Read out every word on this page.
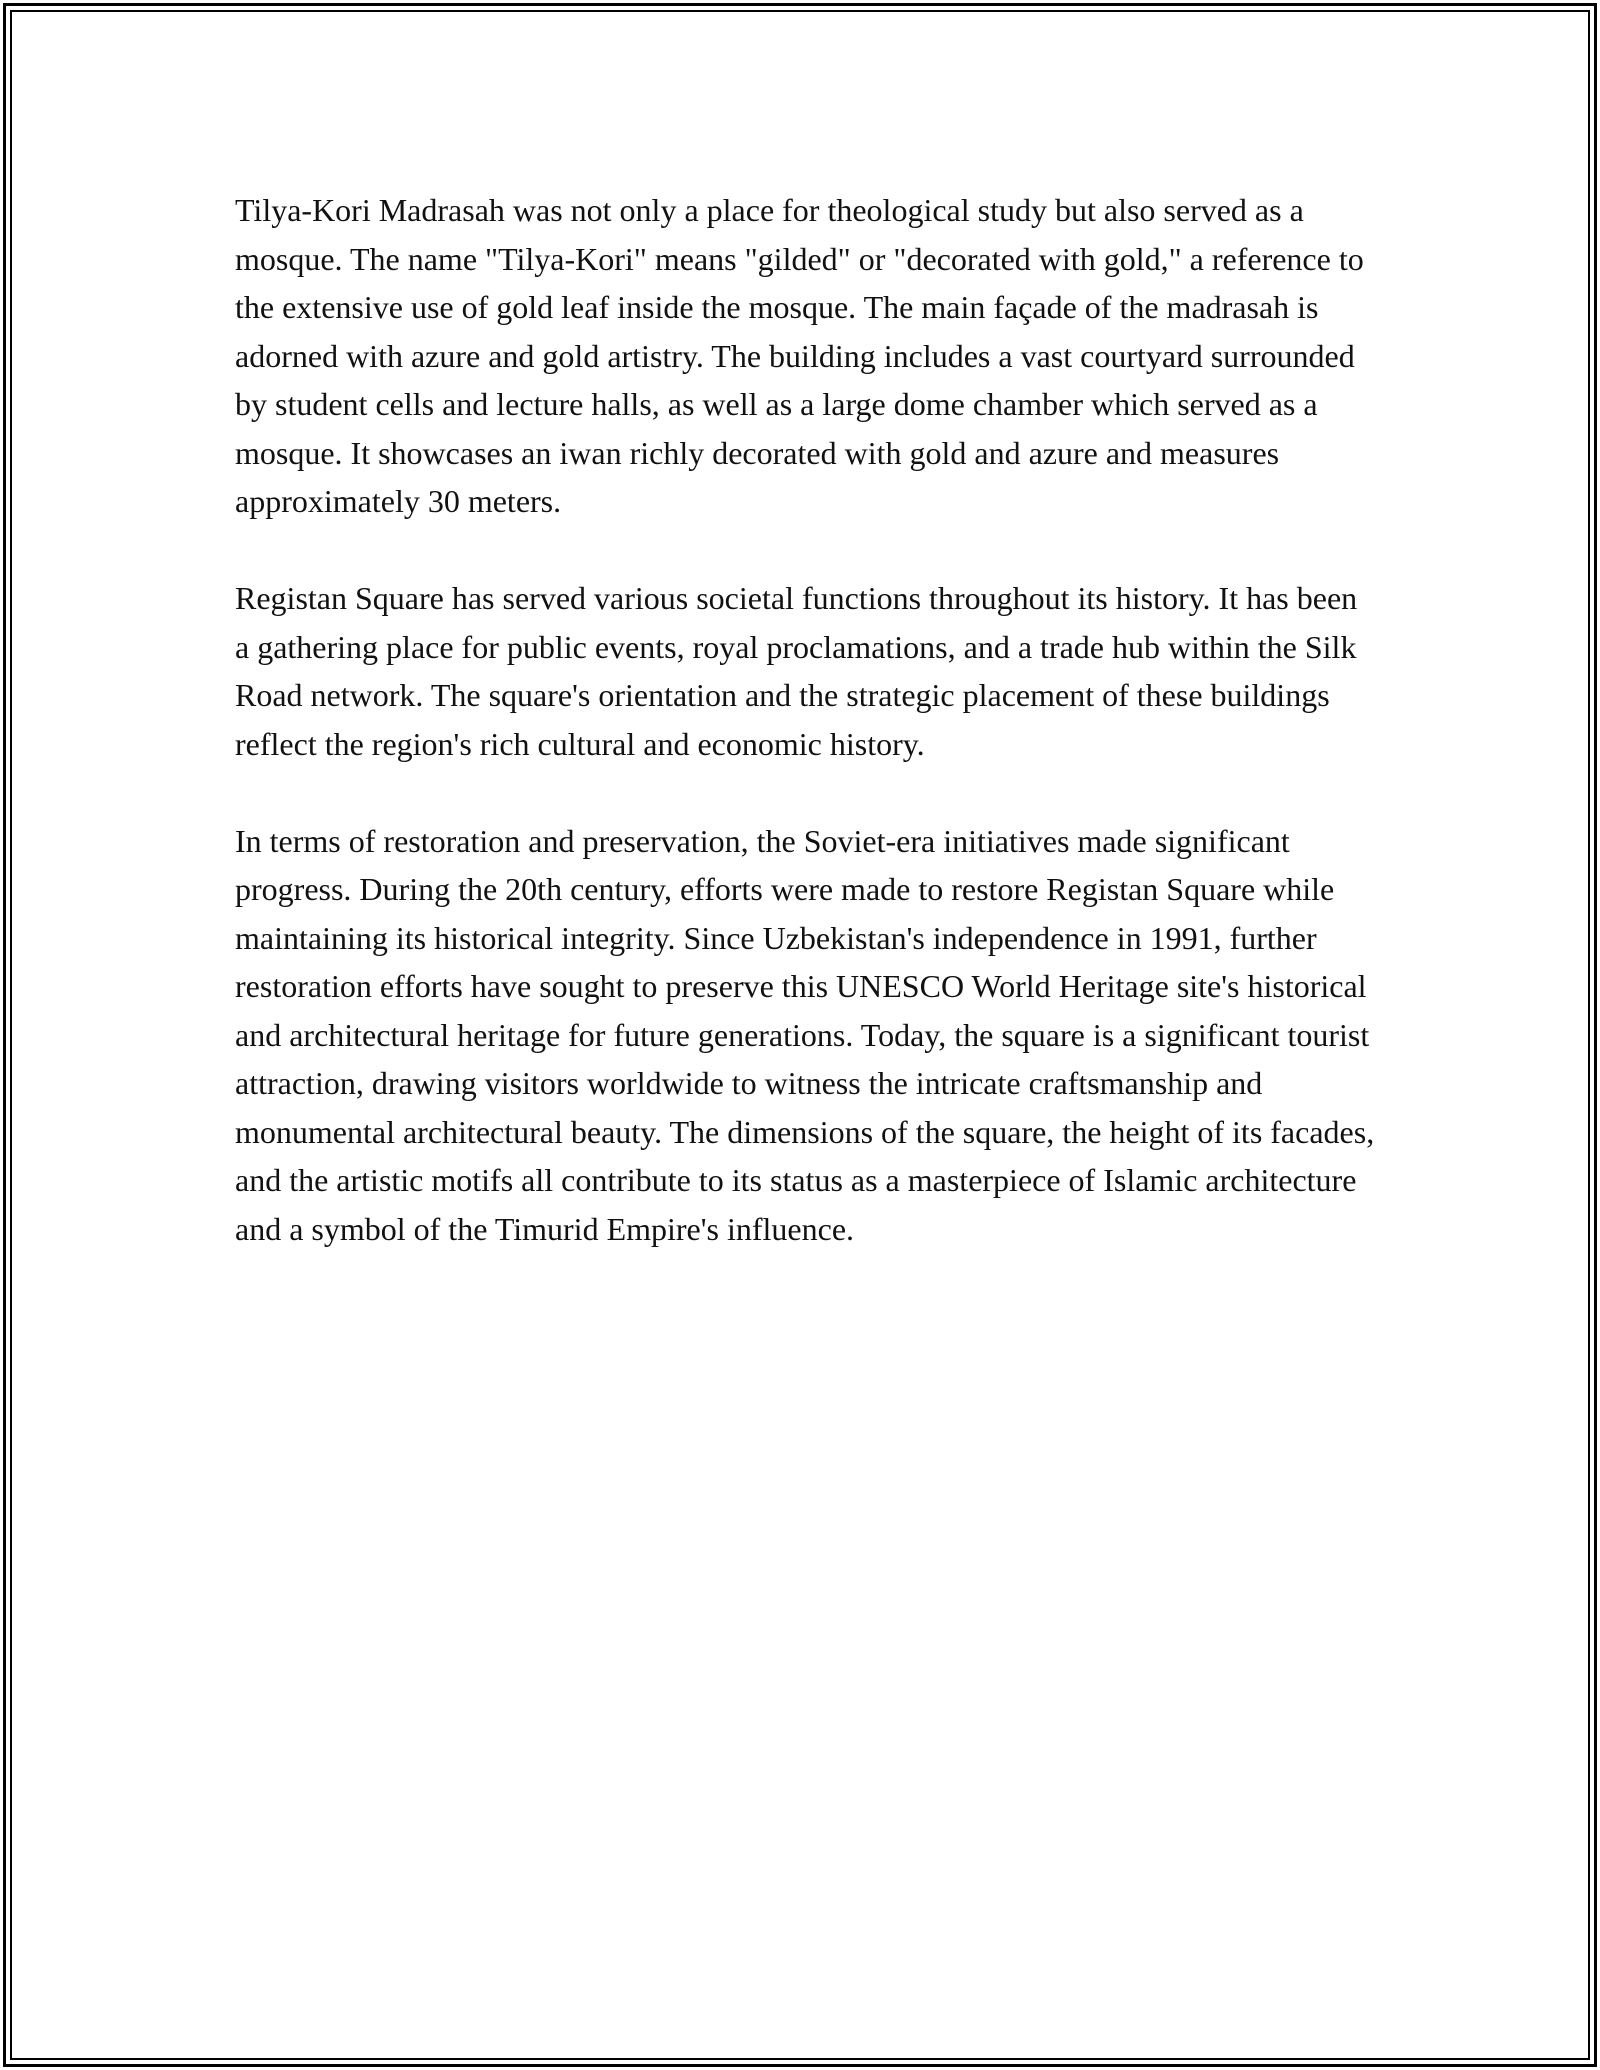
Tilya-Kori Madrasah was not only a place for theological study but also served as a mosque. The name "Tilya-Kori" means "gilded" or "decorated with gold," a reference to the extensive use of gold leaf inside the mosque. The main façade of the madrasah is adorned with azure and gold artistry. The building includes a vast courtyard surrounded by student cells and lecture halls, as well as a large dome chamber which served as a mosque. It showcases an iwan richly decorated with gold and azure and measures approximately 30 meters.

Registan Square has served various societal functions throughout its history. It has been a gathering place for public events, royal proclamations, and a trade hub within the Silk Road network. The square's orientation and the strategic placement of these buildings reflect the region's rich cultural and economic history.

In terms of restoration and preservation, the Soviet-era initiatives made significant progress. During the 20th century, efforts were made to restore Registan Square while maintaining its historical integrity. Since Uzbekistan's independence in 1991, further restoration efforts have sought to preserve this UNESCO World Heritage site's historical and architectural heritage for future generations. Today, the square is a significant tourist attraction, drawing visitors worldwide to witness the intricate craftsmanship and monumental architectural beauty. The dimensions of the square, the height of its facades, and the artistic motifs all contribute to its status as a masterpiece of Islamic architecture and a symbol of the Timurid Empire's influence.
